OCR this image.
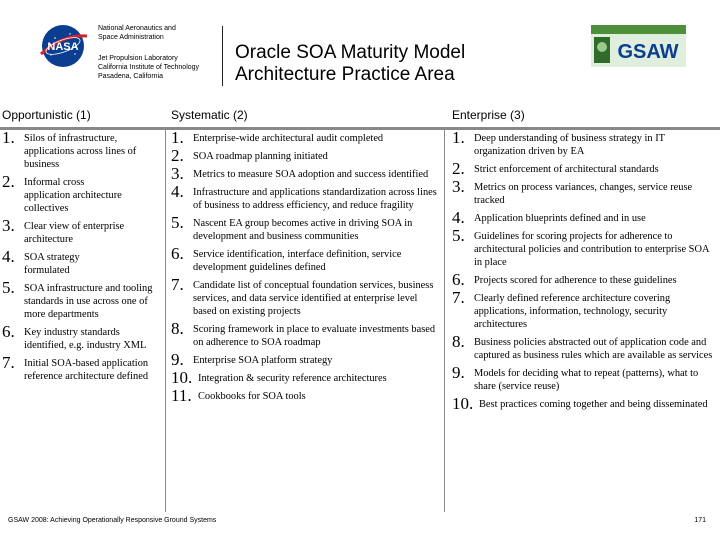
NASA
National Aeronautics and
Space Administration
Jet Propulsion Laboratory
California Institute of Technology
Pasadena, California
Oracle SOA Maturity Model
Architecture Practice Area
GSAW
Opportunistic (1)	Systematic (2)	Enterprise (3)
1. Silos of infrastructure, applications across lines of business
2. Informal cross application architecture collectives
3. Clear view of enterprise architecture
4. SOA strategy formulated
5. SOA infrastructure and tooling standards in use across one of more departments
6. Key industry standards identified, e.g. industry XML
7. Initial SOA-based application reference architecture defined
1. Enterprise-wide architectural audit completed
2. SOA roadmap planning initiated
3. Metrics to measure SOA adoption and success identified
4. Infrastructure and applications standardization across lines of business to address efficiency, and reduce fragility
5. Nascent EA group becomes active in driving SOA in development and business communities
6. Service identification, interface definition, service development guidelines defined
7. Candidate list of conceptual foundation services, business services, and data service identified at enterprise level based on existing projects
8. Scoring framework in place to evaluate investments based on adherence to SOA roadmap
9. Enterprise SOA platform strategy
10. Integration & security reference architectures
11. Cookbooks for SOA tools
1. Deep understanding of business strategy in IT organization driven by EA
2. Strict enforcement of architectural standards
3. Metrics on process variances, changes, service reuse tracked
4. Application blueprints defined and in use
5. Guidelines for scoring projects for adherence to architectural policies and contribution to enterprise SOA in place
6. Projects scored for adherence to these guidelines
7. Clearly defined reference architecture covering applications, information, technology, security architectures
8. Business policies abstracted out of application code and captured as business rules which are available as services
9. Models for deciding what to repeat (patterns), what to share (service reuse)
10. Best practices coming together and being disseminated
GSAW 2008: Achieving Operationally Responsive Ground Systems	171
